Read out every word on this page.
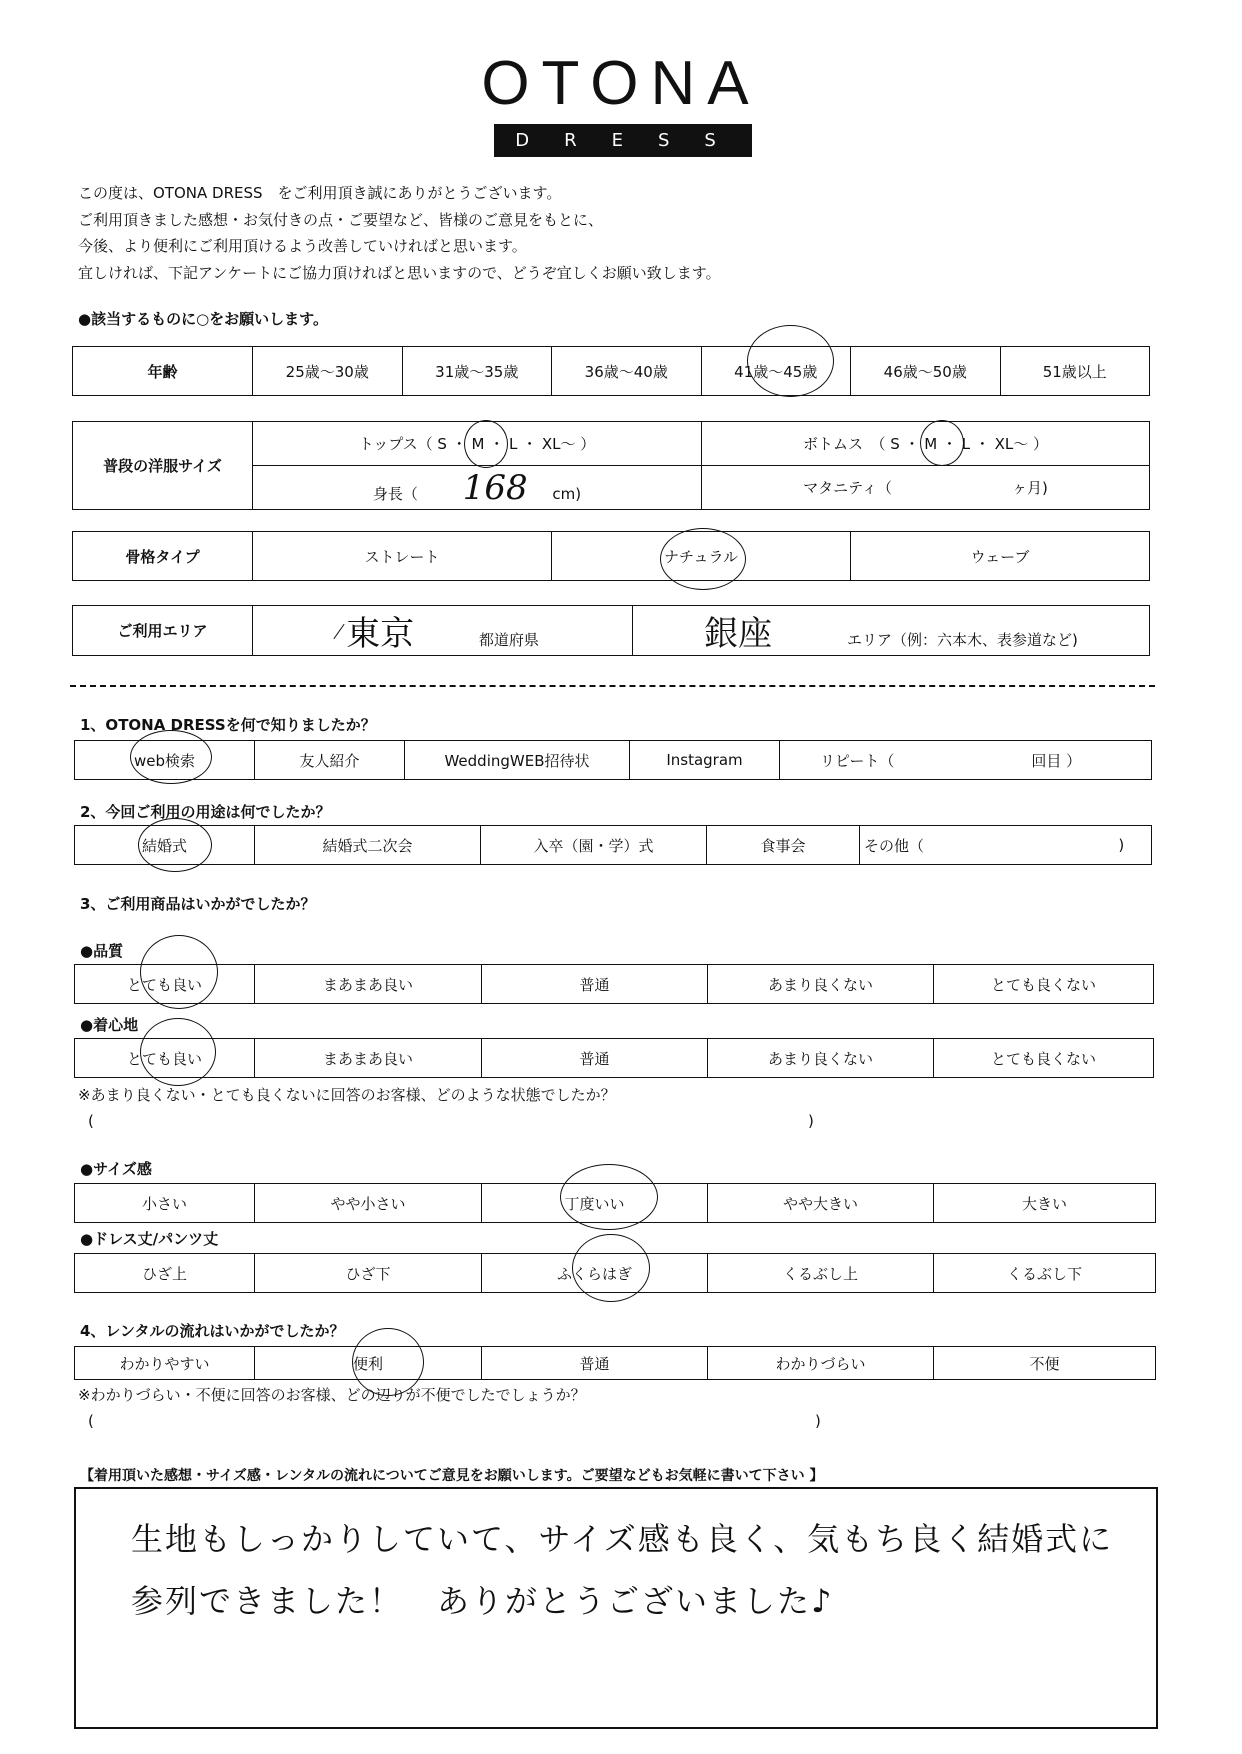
OTONA
DRESS
この度は、OTONA DRESS　をご利用頂き誠にありがとうございます。
ご利用頂きました感想・お気付きの点・ご要望など、皆様のご意見をもとに、
今後、より便利にご利用頂けるよう改善していければと思います。
宜しければ、下記アンケートにご協力頂ければと思いますので、どうぞ宜しくお願い致します。
●該当するものに○をお願いします。
年齢	25歳～30歳	31歳～35歳	36歳～40歳	41歳～45歳	46歳～50歳	51歳以上
普段の洋服サイズ	トップス（ S ・ M ・ L ・ XL～ ）	ボトムス　（ S ・ M ・ L ・ XL～ ）
	身長（ 168 cm)	マタニティ（　　　　　　　　ヶ月)
骨格タイプ	ストレート	ナチュラル	ウェーブ
ご利用エリア	東京	都道府県	銀座	エリア（例：六本木、表参道など)
1、OTONA DRESSを何で知りましたか？
web検索	友人紹介	WeddingWEB招待状	Instagram	リピート（	回目 ）
2、今回ご利用の用途は何でしたか？
結婚式	結婚式二次会	入卒（園・学）式	食事会	その他（	)
3、ご利用商品はいかがでしたか？
●品質
とても良い	まあまあ良い	普通	あまり良くない	とても良くない
●着心地
とても良い	まあまあ良い	普通	あまり良くない	とても良くない
※あまり良くない・とても良くないに回答のお客様、どのような状態でしたか？
(	)
●サイズ感
小さい	やや小さい	丁度いい	やや大きい	大きい
●ドレス丈/パンツ丈
ひざ上	ひざ下	ふくらはぎ	くるぶし上	くるぶし下
4、レンタルの流れはいかがでしたか？
わかりやすい	便利	普通	わかりづらい	不便
※わかりづらい・不便に回答のお客様、どの辺りが不便でしたでしょうか？
(	)
【着用頂いた感想・サイズ感・レンタルの流れについてご意見をお願いします。ご要望などもお気軽に書いて下さい 】
生地もしっかりしていて、サイズ感も良く、気もち良く結婚式に
参列できました！　ありがとうございました♪
